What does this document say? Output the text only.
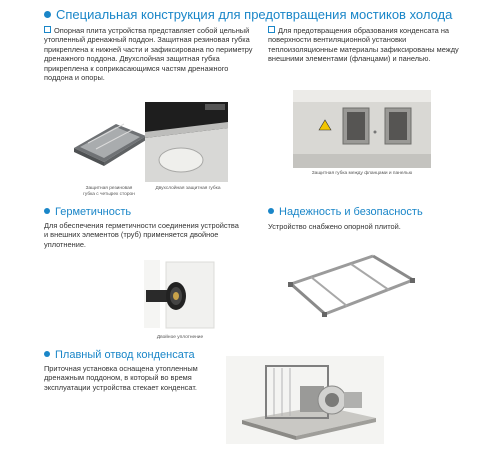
Специальная конструкция для предотвращения мостиков холода
Опорная плита устройства представляет собой цельный утопленный дренажный поддон. Защитная резиновая губка прикреплена к нижней части и зафиксирована по периметру дренажного поддона. Двухслойная защитная губка прикреплена к соприкасающимся частям дренажного поддона и опоры.
Для предотвращения образования конденсата на поверхности вентиляционной установки теплоизоляционные материалы зафиксированы между внешними элементами (фланцами) и панелью.
Защитная резиновая
губка с четырех сторон
Двухслойная защитная губка
Защитная губка между фланцами и панелью
Герметичность
Для обеспечения герметичности соединения устройства и внешних элементов (труб) применяется двойное уплотнение.
Двойное уплотнение
Надежность и безопасность
Устройство снабжено опорной плитой.
Плавный отвод конденсата
Приточная установка оснащена утопленным дренажным поддоном, в который во время эксплуатации устройства стекает конденсат.
